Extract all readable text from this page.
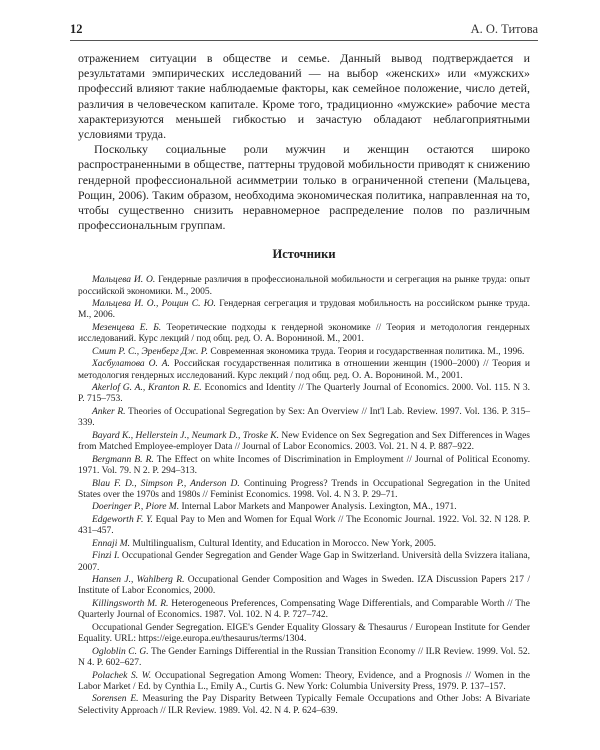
12	А. О. Титова

отражением ситуации в обществе и семье. Данный вывод подтверждается и результатами эмпирических исследований — на выбор «женских» или «мужских» профессий влияют такие наблюдаемые факторы, как семейное положение, число детей, различия в человеческом капитале. Кроме того, традиционно «мужские» рабочие места характеризуются меньшей гибкостью и зачастую обладают неблагоприятными условиями труда.

Поскольку социальные роли мужчин и женщин остаются широко распространенными в обществе, паттерны трудовой мобильности приводят к снижению гендерной профессиональной асимметрии только в ограниченной степени (Мальцева, Рощин, 2006). Таким образом, необходима экономическая политика, направленная на то, чтобы существенно снизить неравномерное распределение полов по различным профессиональным группам.

Источники
Мальцева И. О. Гендерные различия в профессиональной мобильности и сегрегация на рынке труда: опыт российской экономики. М., 2005.
Мальцева И. О., Рощин С. Ю. Гендерная сегрегация и трудовая мобильность на российском рынке труда. М., 2006.
Мезенцева Е. Б. Теоретические подходы к гендерной экономике // Теория и методология гендерных исследований. Курс лекций / под общ. ред. О. А. Ворониной. М., 2001.
Смит Р. С., Эренберг Дж. Р. Современная экономика труда. Теория и государственная политика. М., 1996.
Хасбулатова О. А. Российская государственная политика в отношении женщин (1900–2000) // Теория и методология гендерных исследований. Курс лекций / под общ. ред. О. А. Ворониной. М., 2001.
Akerlof G. A., Kranton R. E. Economics and Identity // The Quarterly Journal of Economics. 2000. Vol. 115. N 3. P. 715–753.
Anker R. Theories of Occupational Segregation by Sex: An Overview // Int'l Lab. Review. 1997. Vol. 136. P. 315–339.
Bayard K., Hellerstein J., Neumark D., Troske K. New Evidence on Sex Segregation and Sex Differences in Wages from Matched Employee-employer Data // Journal of Labor Economics. 2003. Vol. 21. N 4. P. 887–922.
Bergmann B. R. The Effect on white Incomes of Discrimination in Employment // Journal of Political Economy. 1971. Vol. 79. N 2. P. 294–313.
Blau F. D., Simpson P., Anderson D. Continuing Progress? Trends in Occupational Segregation in the United States over the 1970s and 1980s // Feminist Economics. 1998. Vol. 4. N 3. P. 29–71.
Doeringer P., Piore M. Internal Labor Markets and Manpower Analysis. Lexington, MA., 1971.
Edgeworth F. Y. Equal Pay to Men and Women for Equal Work // The Economic Journal. 1922. Vol. 32. N 128. P. 431–457.
Ennaji M. Multilingualism, Cultural Identity, and Education in Morocco. New York, 2005.
Finzi I. Occupational Gender Segregation and Gender Wage Gap in Switzerland. Università della Svizzera italiana, 2007.
Hansen J., Wahlberg R. Occupational Gender Composition and Wages in Sweden. IZA Discussion Papers 217 / Institute of Labor Economics, 2000.
Killingsworth M. R. Heterogeneous Preferences, Compensating Wage Differentials, and Comparable Worth // The Quarterly Journal of Economics. 1987. Vol. 102. N 4. P. 727–742.
Occupational Gender Segregation. EIGE's Gender Equality Glossary & Thesaurus / European Institute for Gender Equality. URL: https://eige.europa.eu/thesaurus/terms/1304.
Ogloblin C. G. The Gender Earnings Differential in the Russian Transition Economy // ILR Review. 1999. Vol. 52. N 4. P. 602–627.
Polachek S. W. Occupational Segregation Among Women: Theory, Evidence, and a Prognosis // Women in the Labor Market / Ed. by Cynthia L., Emily A., Curtis G. New York: Columbia University Press, 1979. P. 137–157.
Sorensen E. Measuring the Pay Disparity Between Typically Female Occupations and Other Jobs: A Bivariate Selectivity Approach // ILR Review. 1989. Vol. 42. N 4. P. 624–639.
